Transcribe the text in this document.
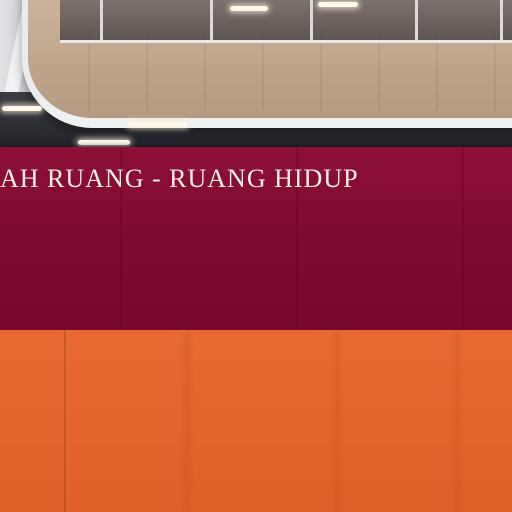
AH RUANG - RUANG HIDUP
